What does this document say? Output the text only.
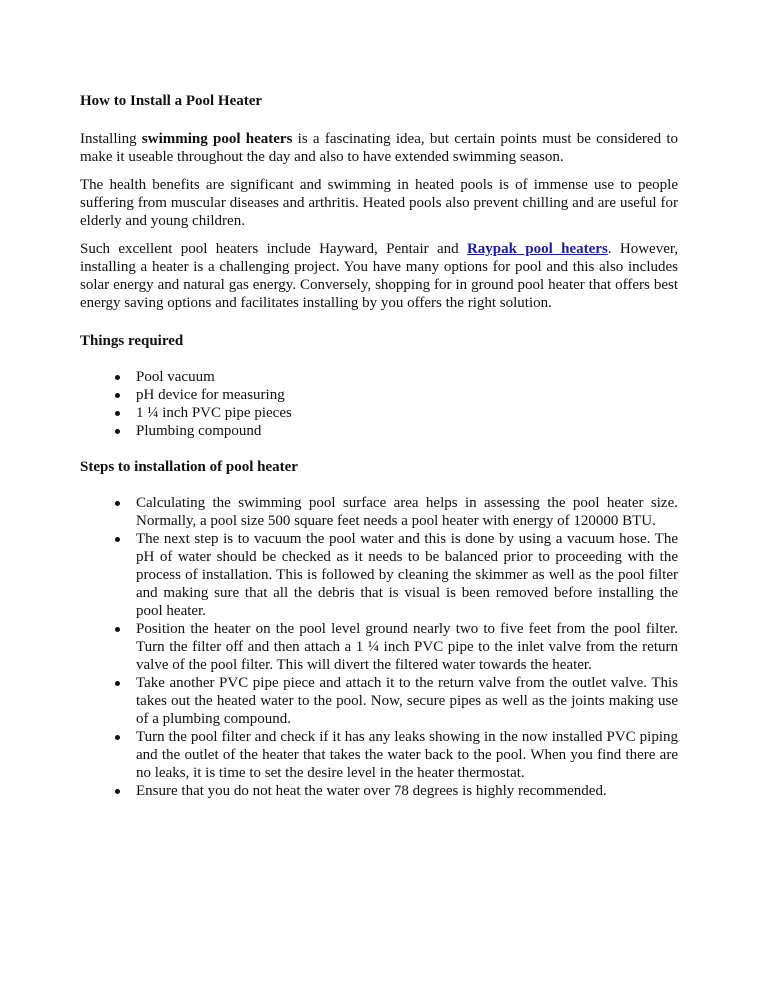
How to Install a Pool Heater

Installing swimming pool heaters is a fascinating idea, but certain points must be considered to make it useable throughout the day and also to have extended swimming season.

The health benefits are significant and swimming in heated pools is of immense use to people suffering from muscular diseases and arthritis. Heated pools also prevent chilling and are useful for elderly and young children.

Such excellent pool heaters include Hayward, Pentair and Raypak pool heaters. However, installing a heater is a challenging project. You have many options for pool and this also includes solar energy and natural gas energy. Conversely, shopping for in ground pool heater that offers best energy saving options and facilitates installing by you offers the right solution.

Things required
Pool vacuum
pH device for measuring
1 ¼ inch PVC pipe pieces
Plumbing compound
Steps to installation of pool heater
Calculating the swimming pool surface area helps in assessing the pool heater size. Normally, a pool size 500 square feet needs a pool heater with energy of 120000 BTU.
The next step is to vacuum the pool water and this is done by using a vacuum hose. The pH of water should be checked as it needs to be balanced prior to proceeding with the process of installation. This is followed by cleaning the skimmer as well as the pool filter and making sure that all the debris that is visual is been removed before installing the pool heater.
Position the heater on the pool level ground nearly two to five feet from the pool filter. Turn the filter off and then attach a 1 ¼ inch PVC pipe to the inlet valve from the return valve of the pool filter. This will divert the filtered water towards the heater.
Take another PVC pipe piece and attach it to the return valve from the outlet valve. This takes out the heated water to the pool. Now, secure pipes as well as the joints making use of a plumbing compound.
Turn the pool filter and check if it has any leaks showing in the now installed PVC piping and the outlet of the heater that takes the water back to the pool. When you find there are no leaks, it is time to set the desire level in the heater thermostat.
Ensure that you do not heat the water over 78 degrees is highly recommended.
